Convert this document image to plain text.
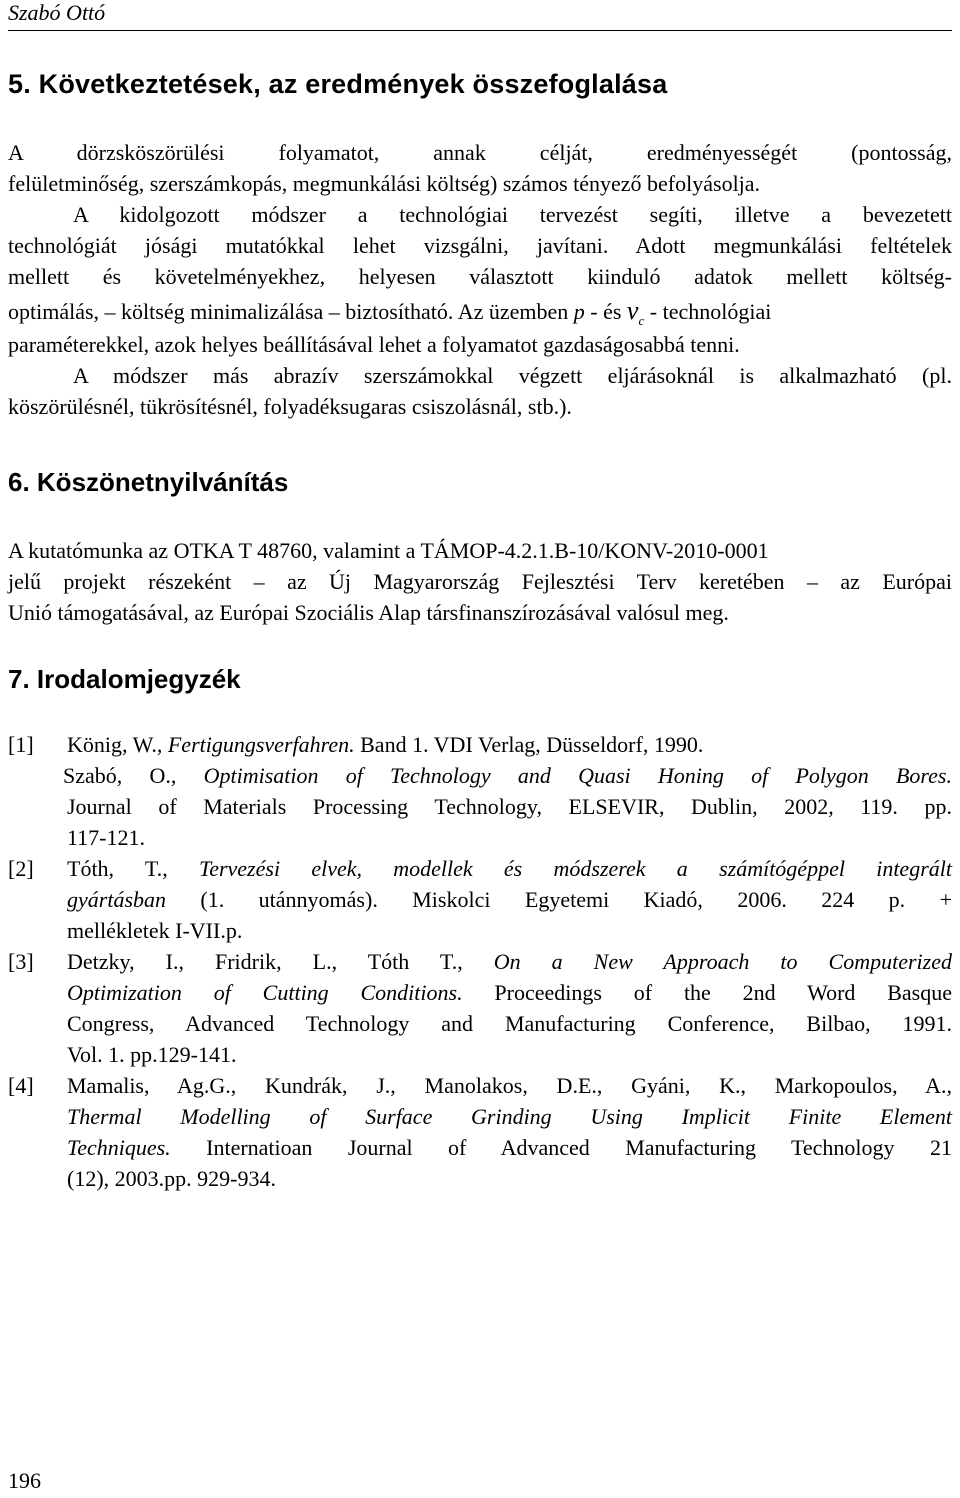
Szabó Ottó
5. Következtetések, az eredmények összefoglalása
A dörzsköszörülési folyamatot, annak célját, eredményességét (pontosság,
felületminőség, szerszámkopás, megmunkálási költség) számos tényező befolyásolja.
A kidolgozott módszer a technológiai tervezést segíti, illetve a bevezetett
technológiát jósági mutatókkal lehet vizsgálni, javítani. Adott megmunkálási feltételek
mellett és követelményekhez, helyesen választott kiinduló adatok mellett költség-
optimálás, – költség minimalizálása – biztosítható. Az üzemben p - és $v_c$ - technológiai
paraméterekkel, azok helyes beállításával lehet a folyamatot gazdaságosabbá tenni.
A módszer más abrazív szerszámokkal végzett eljárásoknál is alkalmazható (pl.
köszörülésnél, tükrösítésnél, folyadéksugaras csiszolásnál, stb.).
6. Köszönetnyilvánítás
A kutatómunka az OTKA T 48760, valamint a TÁMOP-4.2.1.B-10/KONV-2010-0001
jelű projekt részeként – az Új Magyarország Fejlesztési Terv keretében – az Európai
Unió támogatásával, az Európai Szociális Alap társfinanszírozásával valósul meg.
7. Irodalomjegyzék
[1] König, W., Fertigungsverfahren. Band 1. VDI Verlag, Düsseldorf, 1990.
Szabó, O., Optimisation of Technology and Quasi Honing of Polygon Bores.
Journal of Materials Processing Technology, ELSEVIR, Dublin, 2002, 119. pp.
117-121.
[2] Tóth, T., Tervezési elvek, modellek és módszerek a számítógéppel integrált
gyártásban (1. utánnyomás). Miskolci Egyetemi Kiadó, 2006. 224 p. +
mellékletek I-VII.p.
[3] Detzky, I., Fridrik, L., Tóth T., On a New Approach to Computerized
Optimization of Cutting Conditions. Proceedings of the 2nd Word Basque
Congress, Advanced Technology and Manufacturing Conference, Bilbao, 1991.
Vol. 1. pp.129-141.
[4] Mamalis, Ag.G., Kundrák, J., Manolakos, D.E., Gyáni, K., Markopoulos, A.,
Thermal Modelling of Surface Grinding Using Implicit Finite Element
Techniques. Internatioan Journal of Advanced Manufacturing Technology 21
(12), 2003.pp. 929-934.
196
